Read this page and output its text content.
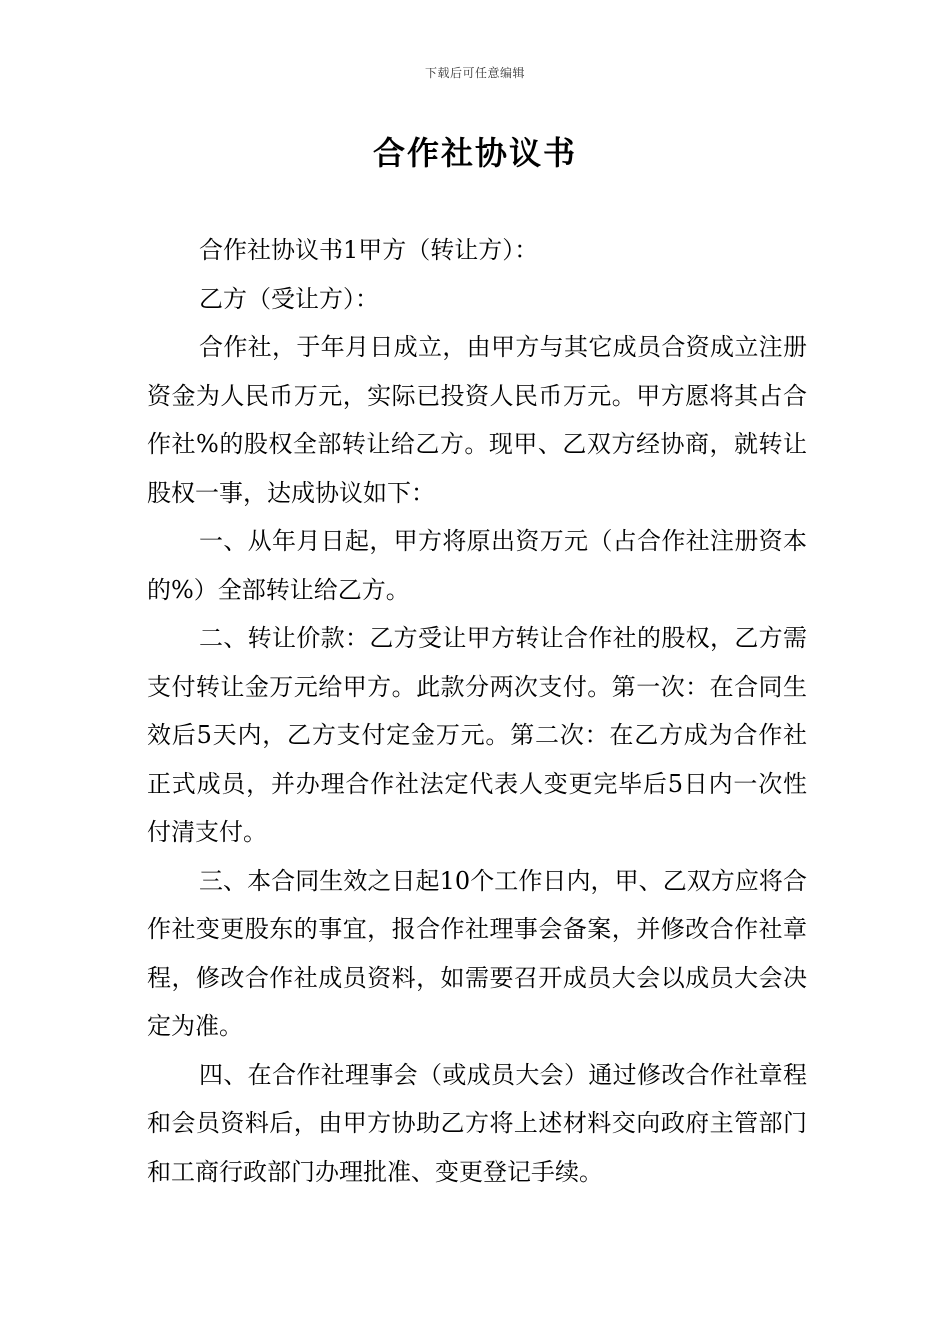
下载后可任意编辑
合作社协议书

合作社协议书1甲方（转让方）：

乙方（受让方）：

合作社，于年月日成立，由甲方与其它成员合资成立注册资金为人民币万元，实际已投资人民币万元。甲方愿将其占合作社%的股权全部转让给乙方。现甲、乙双方经协商，就转让股权一事，达成协议如下：

一、从年月日起，甲方将原出资万元（占合作社注册资本的%）全部转让给乙方。

二、转让价款：乙方受让甲方转让合作社的股权，乙方需支付转让金万元给甲方。此款分两次支付。第一次：在合同生效后5天内，乙方支付定金万元。第二次：在乙方成为合作社正式成员，并办理合作社法定代表人变更完毕后5日内一次性付清支付。

三、本合同生效之日起10个工作日内，甲、乙双方应将合作社变更股东的事宜，报合作社理事会备案，并修改合作社章程，修改合作社成员资料，如需要召开成员大会以成员大会决定为准。

四、在合作社理事会（或成员大会）通过修改合作社章程和会员资料后，由甲方协助乙方将上述材料交向政府主管部门和工商行政部门办理批准、变更登记手续。
